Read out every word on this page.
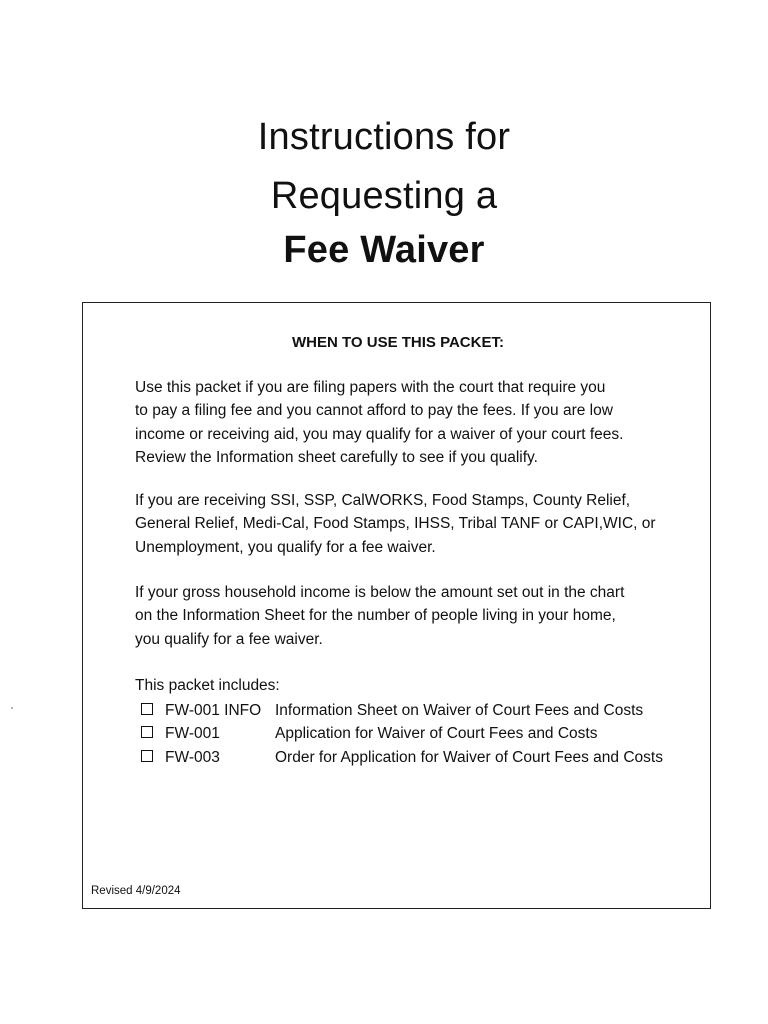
Instructions for
Requesting a
Fee Waiver
WHEN TO USE THIS PACKET:
Use this packet if you are filing papers with the court that require you
to pay a filing fee and you cannot afford to pay the fees. If you are low
income or receiving aid, you may qualify for a waiver of your court fees.
Review the Information sheet carefully to see if you qualify.
If you are receiving SSI, SSP, CalWORKS, Food Stamps, County Relief,
General Relief, Medi-Cal, Food Stamps, IHSS, Tribal TANF or CAPI,WIC, or
Unemployment, you qualify for a fee waiver.
If your gross household income is below the amount set out in the chart
on the Information Sheet for the number of people living in your home,
you qualify for a fee waiver.
This packet includes:
FW-001 INFO Information Sheet on Waiver of Court Fees and Costs
FW-001	Application for Waiver of Court Fees and Costs
FW-003	Order for Application for Waiver of Court Fees and Costs
Revised 4/9/2024
